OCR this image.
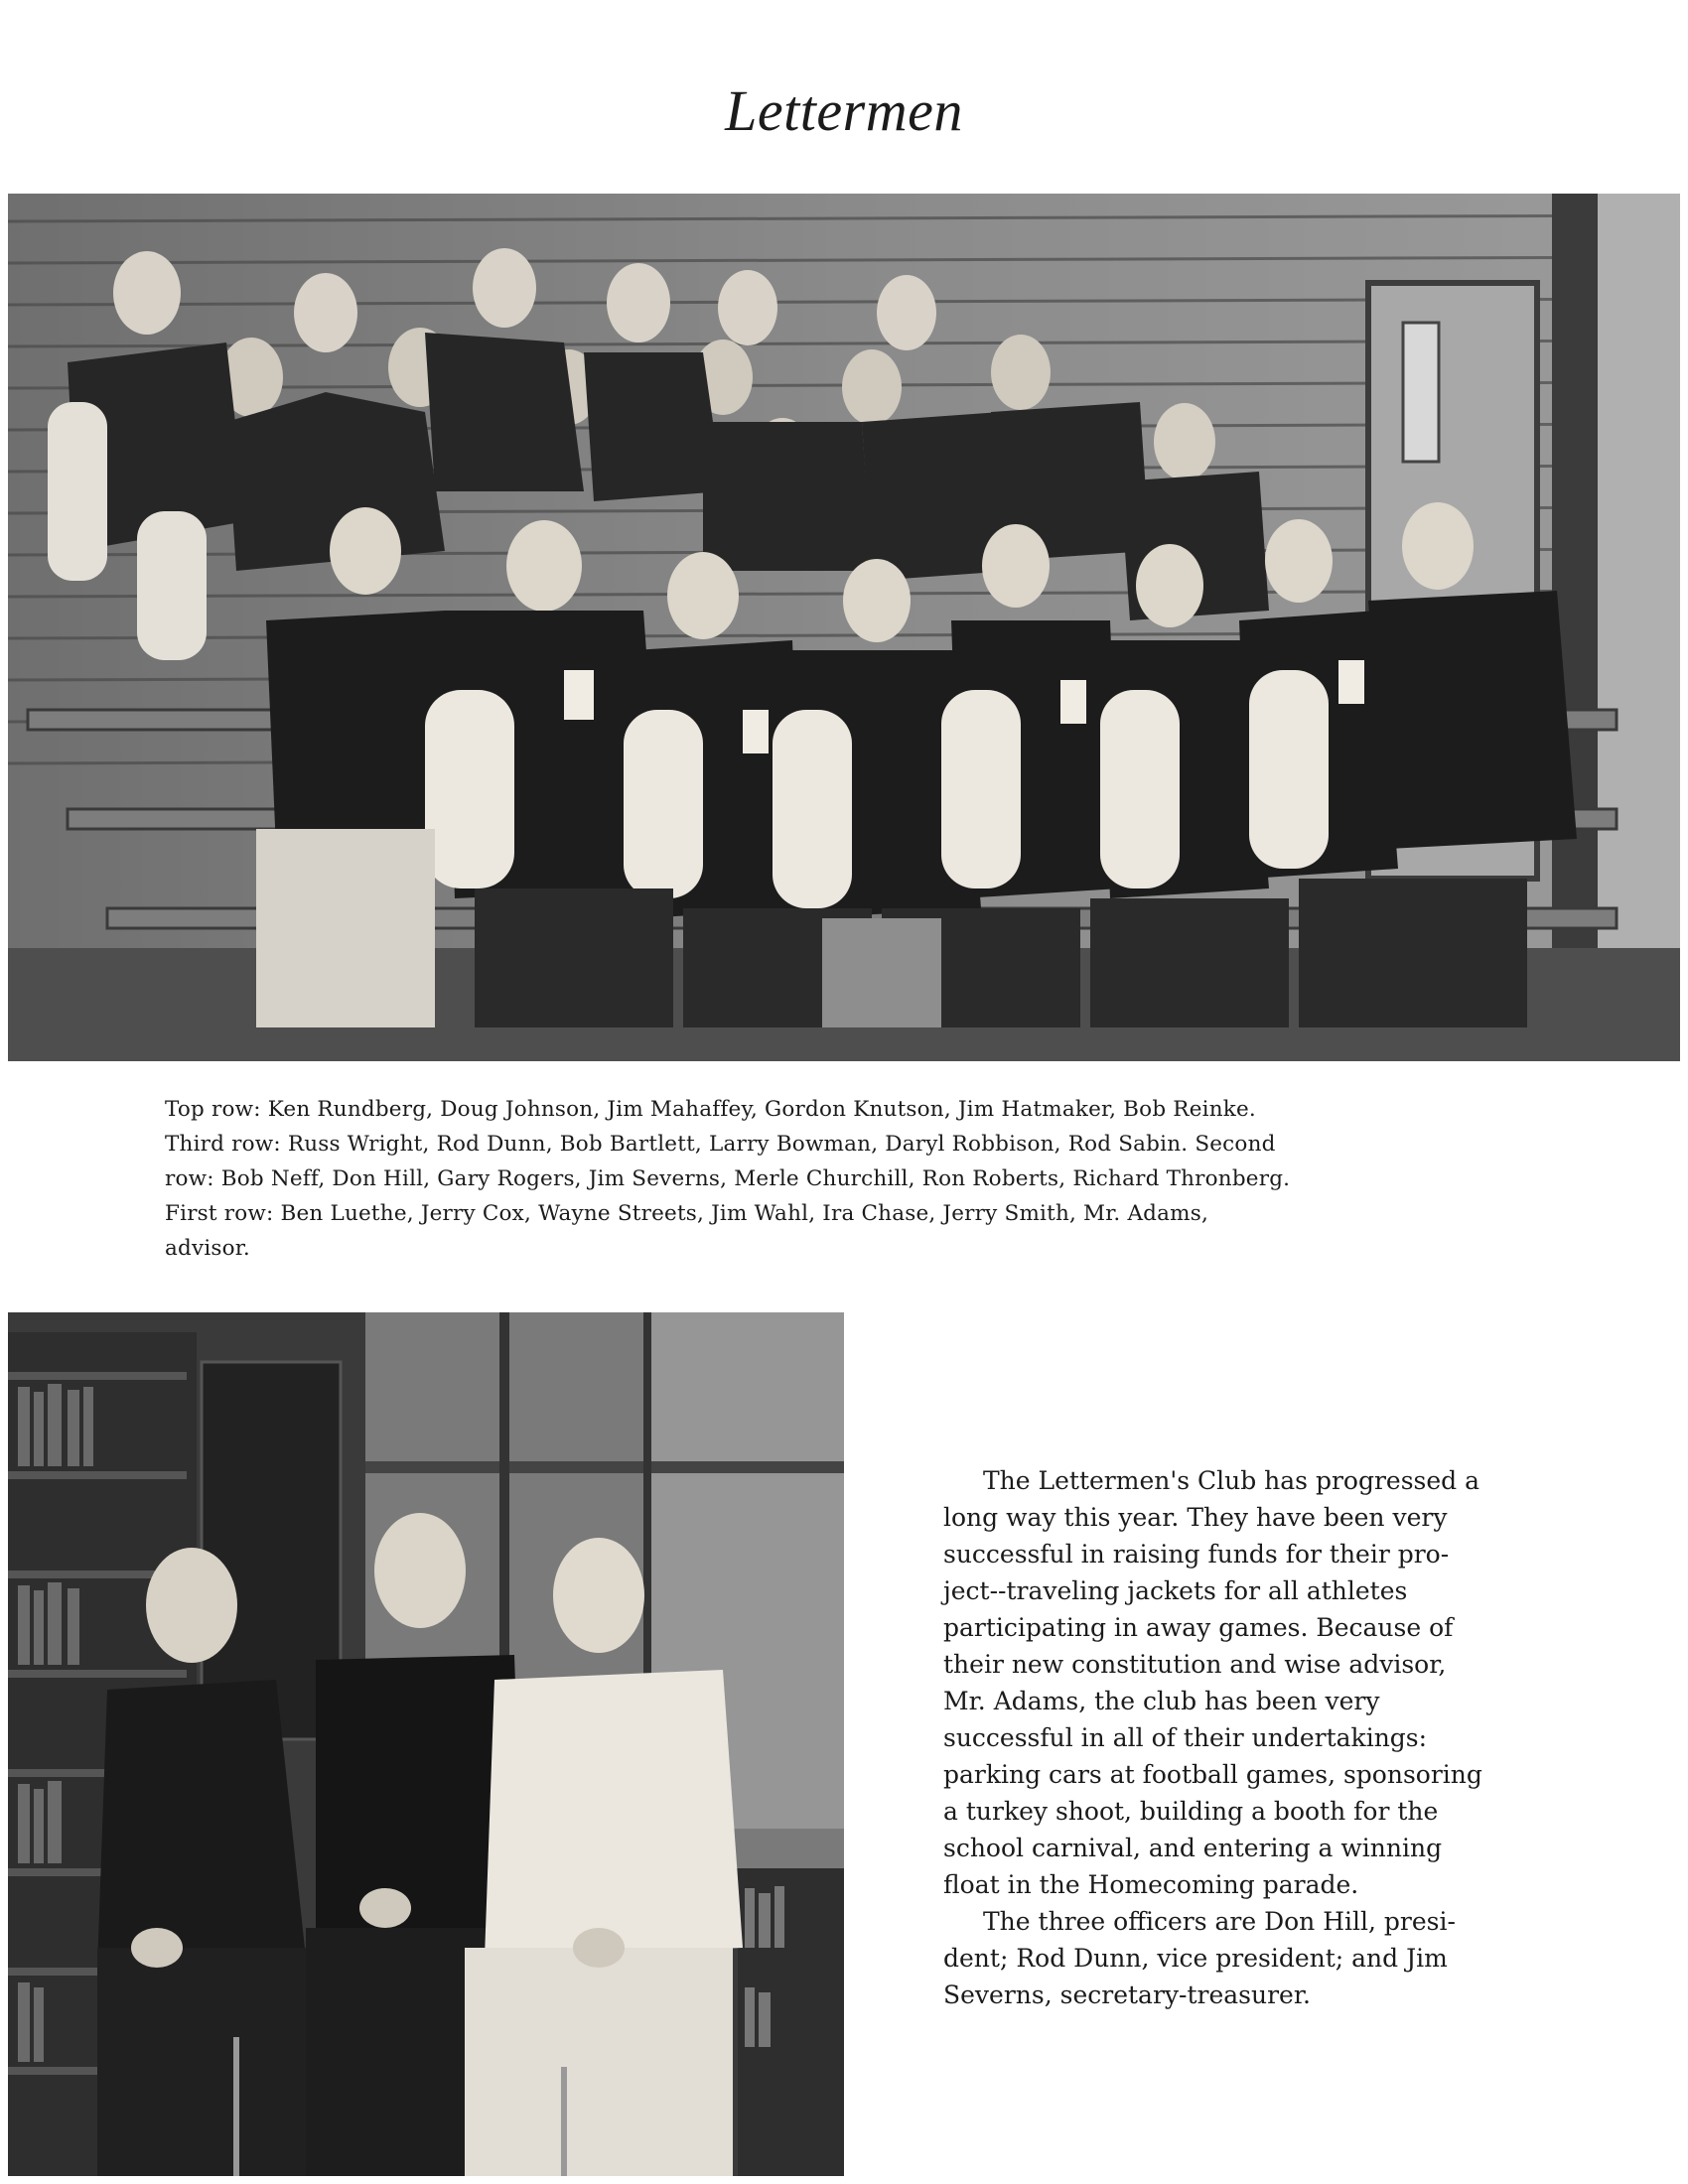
Lettermen
Top row: Ken Rundberg, Doug Johnson, Jim Mahaffey, Gordon Knutson, Jim Hatmaker, Bob Reinke.
Third row: Russ Wright, Rod Dunn, Bob Bartlett, Larry Bowman, Daryl Robbison, Rod Sabin. Second
row: Bob Neff, Don Hill, Gary Rogers, Jim Severns, Merle Churchill, Ron Roberts, Richard Thronberg.
First row: Ben Luethe, Jerry Cox, Wayne Streets, Jim Wahl, Ira Chase, Jerry Smith, Mr. Adams,
advisor.

The Lettermen's Club has progressed a
long way this year. They have been very
successful in raising funds for their pro-
ject--traveling jackets for all athletes
participating in away games. Because of
their new constitution and wise advisor,
Mr. Adams, the club has been very
successful in all of their undertakings:
parking cars at football games, sponsoring
a turkey shoot, building a booth for the
school carnival, and entering a winning
float in the Homecoming parade.

The three officers are Don Hill, presi-
dent; Rod Dunn, vice president; and Jim
Severns, secretary-treasurer.
